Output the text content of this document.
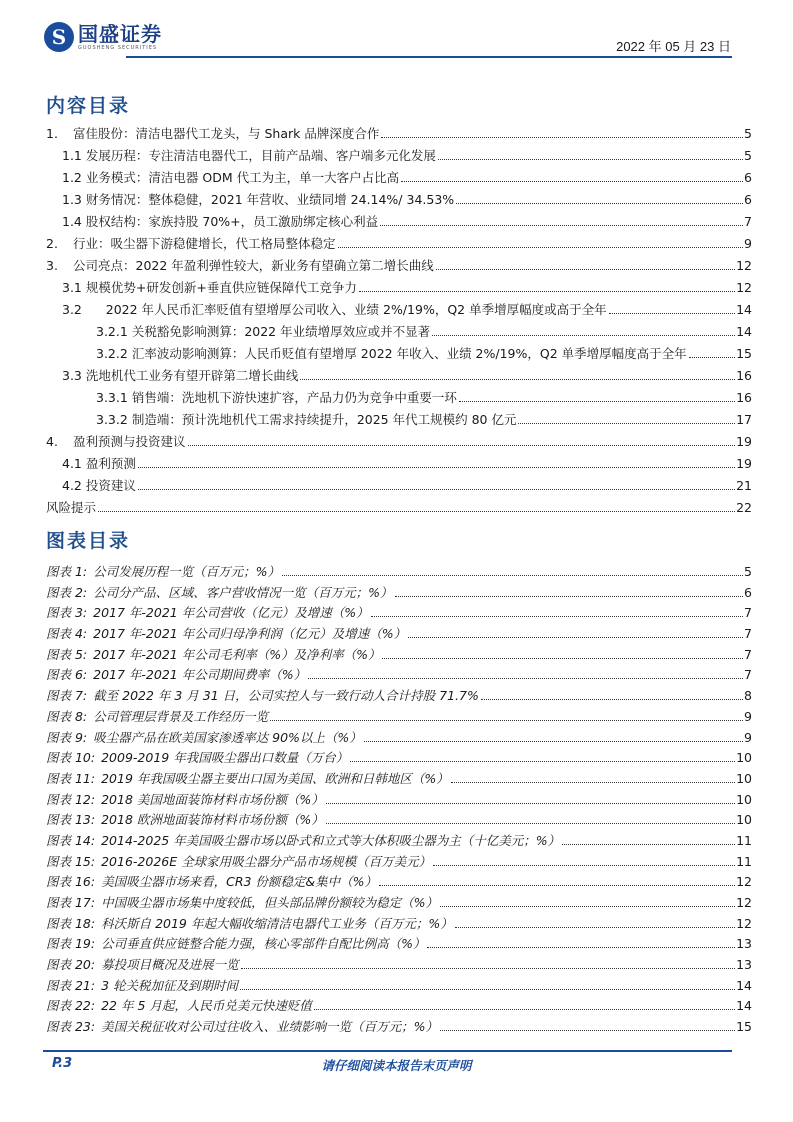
S 国盛证券
GUOSHENG SECURITIES	2022 年 05 月 23 日
内容目录
1. 富佳股份：清洁电器代工龙头，与 Shark 品牌深度合作	5
1.1 发展历程：专注清洁电器代工，目前产品端、客户端多元化发展	5
1.2 业务模式：清洁电器 ODM 代工为主，单一大客户占比高	6
1.3 财务情况：整体稳健，2021 年营收、业绩同增 24.14%/ 34.53%	6
1.4 股权结构：家族持股 70%+，员工激励绑定核心利益	7
2. 行业：吸尘器下游稳健增长，代工格局整体稳定	9
3. 公司亮点：2022 年盈利弹性较大，新业务有望确立第二增长曲线	12
3.1 规模优势+研发创新+垂直供应链保障代工竞争力	12
3.2     2022 年人民币汇率贬值有望增厚公司收入、业绩 2%/19%，Q2 单季增厚幅度或高于全年	14
3.2.1 关税豁免影响测算：2022 年业绩增厚效应或并不显著	14
3.2.2 汇率波动影响测算：人民币贬值有望增厚 2022 年收入、业绩 2%/19%，Q2 单季增厚幅度高于全年	15
3.3 洗地机代工业务有望开辟第二增长曲线	16
3.3.1 销售端：洗地机下游快速扩容，产品力仍为竞争中重要一环	16
3.3.2 制造端：预计洗地机代工需求持续提升，2025 年代工规模约 80 亿元	17
4. 盈利预测与投资建议	19
4.1 盈利预测	19
4.2 投资建议	21
风险提示	22
图表目录
图表 1: 公司发展历程一览（百万元；%）	5
图表 2: 公司分产品、区域、客户营收情况一览（百万元；%）	6
图表 3: 2017 年-2021 年公司营收（亿元）及增速（%）	7
图表 4: 2017 年-2021 年公司归母净利润（亿元）及增速（%）	7
图表 5: 2017 年-2021 年公司毛利率（%）及净利率（%）	7
图表 6: 2017 年-2021 年公司期间费率（%）	7
图表 7: 截至 2022 年 3 月 31 日，公司实控人与一致行动人合计持股 71.7%	8
图表 8: 公司管理层背景及工作经历一览	9
图表 9: 吸尘器产品在欧美国家渗透率达 90%以上（%）	9
图表 10: 2009-2019 年我国吸尘器出口数量（万台）	10
图表 11: 2019 年我国吸尘器主要出口国为美国、欧洲和日韩地区（%）	10
图表 12: 2018 美国地面装饰材料市场份额（%）	10
图表 13: 2018 欧洲地面装饰材料市场份额（%）	10
图表 14: 2014-2025 年美国吸尘器市场以卧式和立式等大体积吸尘器为主（十亿美元；%）	11
图表 15: 2016-2026E 全球家用吸尘器分产品市场规模（百万美元）	11
图表 16: 美国吸尘器市场来看，CR3 份额稳定&集中（%）	12
图表 17: 中国吸尘器市场集中度较低，但头部品牌份额较为稳定（%）	12
图表 18: 科沃斯自 2019 年起大幅收缩清洁电器代工业务（百万元；%）	12
图表 19: 公司垂直供应链整合能力强，核心零部件自配比例高（%）	13
图表 20: 募投项目概况及进展一览	13
图表 21: 3 轮关税加征及到期时间	14
图表 22: 22 年 5 月起，人民币兑美元快速贬值	14
图表 23: 美国关税征收对公司过往收入、业绩影响一览（百万元；%）	15
P.3	请仔细阅读本报告末页声明
